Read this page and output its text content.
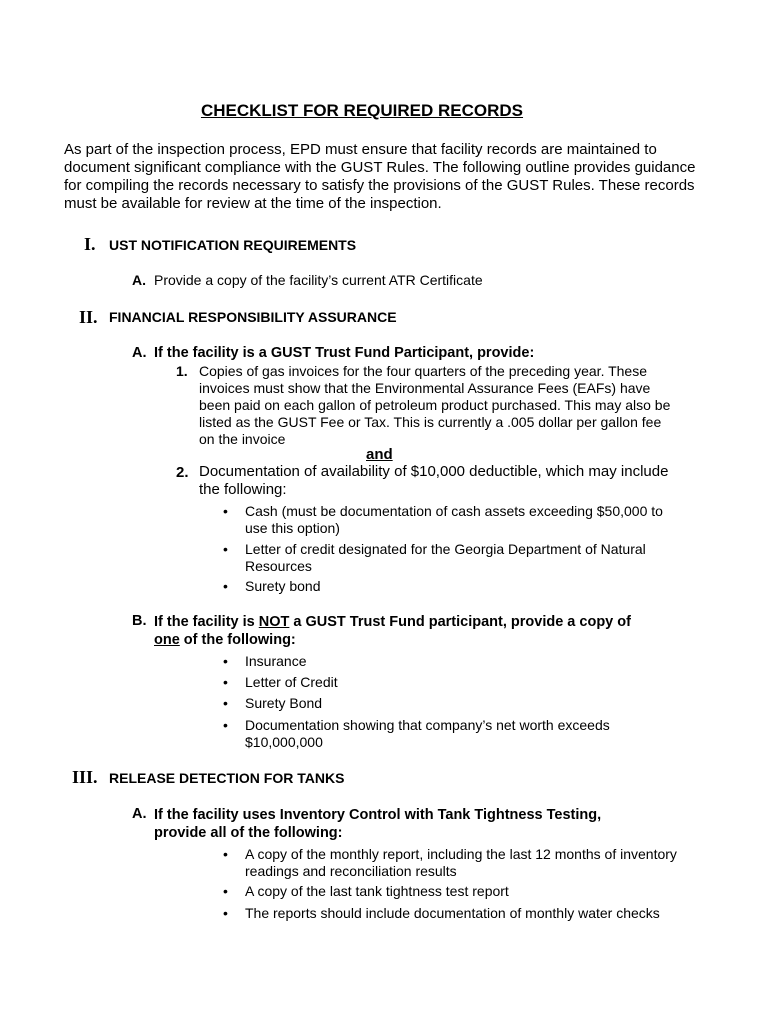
CHECKLIST FOR REQUIRED RECORDS
As part of the inspection process, EPD must ensure that facility records are maintained to
document significant compliance with the GUST Rules. The following outline provides guidance
for compiling the records necessary to satisfy the provisions of the GUST Rules. These records
must be available for review at the time of the inspection.
I. UST NOTIFICATION REQUIREMENTS
A. Provide a copy of the facility’s current ATR Certificate
II. FINANCIAL RESPONSIBILITY ASSURANCE
A. If the facility is a GUST Trust Fund Participant, provide:
1. Copies of gas invoices for the four quarters of the preceding year. These
invoices must show that the Environmental Assurance Fees (EAFs) have
been paid on each gallon of petroleum product purchased. This may also be
listed as the GUST Fee or Tax. This is currently a .005 dollar per gallon fee
on the invoice
and
2. Documentation of availability of $10,000 deductible, which may include
the following:
• Cash (must be documentation of cash assets exceeding $50,000 to
use this option)
• Letter of credit designated for the Georgia Department of Natural
Resources
• Surety bond
B. If the facility is NOT a GUST Trust Fund participant, provide a copy of
one of the following:
• Insurance
• Letter of Credit
• Surety Bond
• Documentation showing that company’s net worth exceeds
$10,000,000
III. RELEASE DETECTION FOR TANKS
A. If the facility uses Inventory Control with Tank Tightness Testing,
provide all of the following:
• A copy of the monthly report, including the last 12 months of inventory
readings and reconciliation results
• A copy of the last tank tightness test report
• The reports should include documentation of monthly water checks
